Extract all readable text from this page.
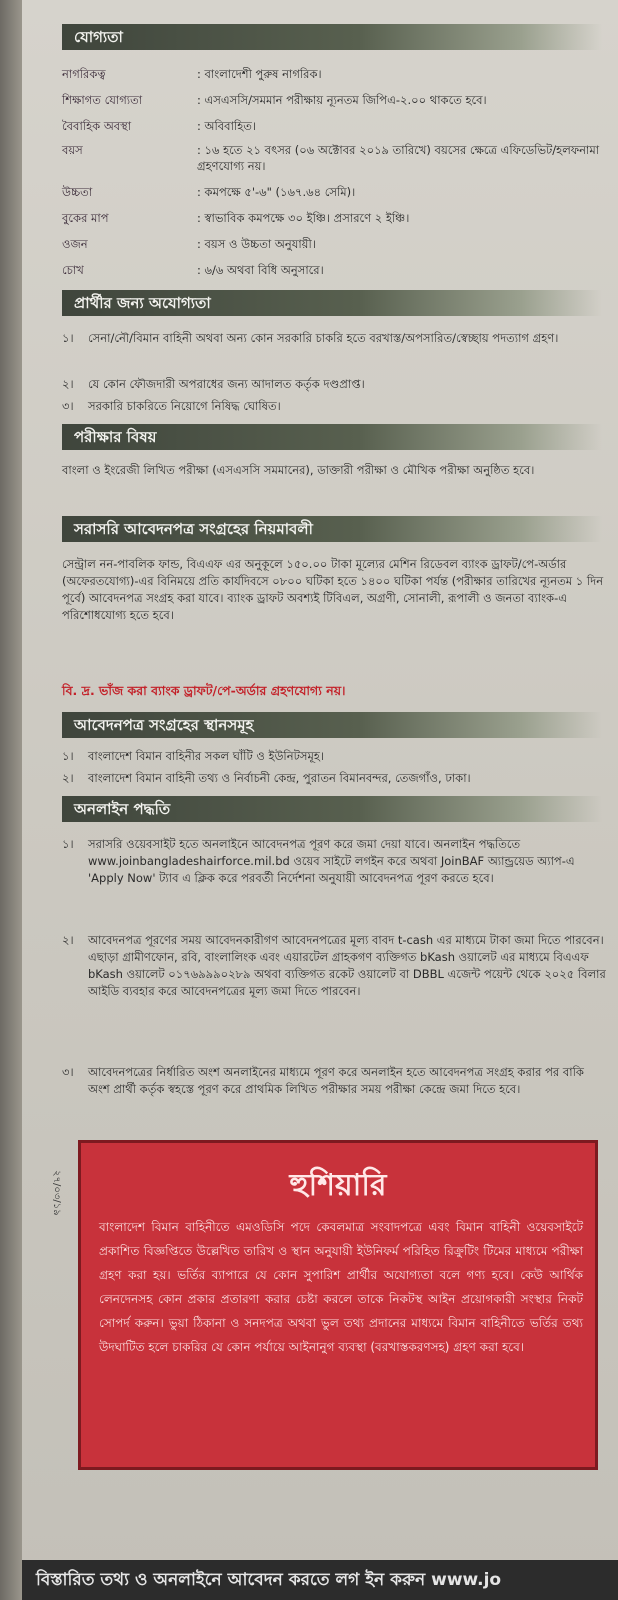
যোগ্যতা
নাগরিকত্ব	: বাংলাদেশী পুরুষ নাগরিক।
শিক্ষাগত যোগ্যতা	: এসএসসি/সমমান পরীক্ষায় ন্যূনতম জিপিএ-২.০০ থাকতে হবে।
বৈবাহিক অবস্থা	: অবিবাহিত।
বয়স	: ১৬ হতে ২১ বৎসর (০৬ অক্টোবর ২০১৯ তারিখে) বয়সের ক্ষেত্রে এফিডেভিট/হলফনামা গ্রহণযোগ্য নয়।
উচ্চতা	: কমপক্ষে ৫'-৬" (১৬৭.৬৪ সেমি)।
বুকের মাপ	: স্বাভাবিক কমপক্ষে ৩০ ইঞ্চি। প্রসারণে ২ ইঞ্চি।
ওজন	: বয়স ও উচ্চতা অনুযায়ী।
চোখ	: ৬/৬ অথবা বিধি অনুসারে।
প্রার্থীর জন্য অযোগ্যতা
১।	সেনা/নৌ/বিমান বাহিনী অথবা অন্য কোন সরকারি চাকরি হতে বরখাস্ত/অপসারিত/স্বেচ্ছায় পদত্যাগ গ্রহণ।
২।	যে কোন ফৌজদারী অপরাধের জন্য আদালত কর্তৃক দণ্ডপ্রাপ্ত।
৩।	সরকারি চাকরিতে নিয়োগে নিষিদ্ধ ঘোষিত।
পরীক্ষার বিষয়
বাংলা ও ইংরেজী লিখিত পরীক্ষা (এসএসসি সমমানের), ডাক্তারী পরীক্ষা ও মৌখিক পরীক্ষা অনুষ্ঠিত হবে।
সরাসরি আবেদনপত্র সংগ্রহের নিয়মাবলী
সেন্ট্রাল নন-পাবলিক ফান্ড, বিএএফ এর অনুকূলে ১৫০.০০ টাকা মূল্যের মেশিন রিডেবল ব্যাংক ড্রাফট/পে-অর্ডার (অফেরতযোগ্য)-এর বিনিময়ে প্রতি কার্যদিবসে ০৮০০ ঘটিকা হতে ১৪০০ ঘটিকা পর্যন্ত (পরীক্ষার তারিখের ন্যূনতম ১ দিন পূর্বে) আবেদনপত্র সংগ্রহ করা যাবে। ব্যাংক ড্রাফট অবশ্যই টিবিএল, অগ্রণী, সোনালী, রূপালী ও জনতা ব্যাংক-এ পরিশোধযোগ্য হতে হবে।
বি. দ্র. ভাঁজ করা ব্যাংক ড্রাফট/পে-অর্ডার গ্রহণযোগ্য নয়।
আবেদনপত্র সংগ্রহের স্থানসমূহ
১।	বাংলাদেশ বিমান বাহিনীর সকল ঘাঁটি ও ইউনিটসমূহ।
২।	বাংলাদেশ বিমান বাহিনী তথ্য ও নির্বাচনী কেন্দ্র, পুরাতন বিমানবন্দর, তেজগাঁও, ঢাকা।
অনলাইন পদ্ধতি
১।	সরাসরি ওয়েবসাইট হতে অনলাইনে আবেদনপত্র পূরণ করে জমা দেয়া যাবে। অনলাইন পদ্ধতিতে www.joinbangladeshairforce.mil.bd ওয়েব সাইটে লগইন করে অথবা JoinBAF অ্যান্ড্রয়েড অ্যাপ-এ 'Apply Now' ট্যাব এ ক্লিক করে পরবর্তী নির্দেশনা অনুযায়ী আবেদনপত্র পূরণ করতে হবে।
২।	আবেদনপত্র পূরণের সময় আবেদনকারীগণ আবেদনপত্রের মূল্য বাবদ t-cash এর মাধ্যমে টাকা জমা দিতে পারবেন। এছাড়া গ্রামীণফোন, রবি, বাংলালিংক এবং এয়ারটেল গ্রাহকগণ ব্যক্তিগত bKash ওয়ালেট এর মাধ্যমে বিএএফ bKash ওয়ালেট ০১৭৬৯৯৯০২৮৯ অথবা ব্যক্তিগত রকেট ওয়ালেট বা DBBL এজেন্ট পয়েন্ট থেকে ২০২৫ বিলার আইডি ব্যবহার করে আবেদনপত্রের মূল্য জমা দিতে পারবেন।
৩।	আবেদনপত্রের নির্ধারিত অংশ অনলাইনের মাধ্যমে পূরণ করে অনলাইন হতে আবেদনপত্র সংগ্রহ করার পর বাকি অংশ প্রার্থী কর্তৃক স্বহস্তে পূরণ করে প্রাথমিক লিখিত পরীক্ষার সময় পরীক্ষা কেন্দ্রে জমা দিতে হবে।
২৭/০৩/১৯	হুশিয়ারি
বাংলাদেশ বিমান বাহিনীতে এমওডিসি পদে কেবলমাত্র সংবাদপত্রে এবং বিমান বাহিনী ওয়েবসাইটে প্রকাশিত বিজ্ঞপ্তিতে উল্লেখিত তারিখ ও স্থান অনুযায়ী ইউনিফর্ম পরিহিত রিক্রুটিং টিমের মাধ্যমে পরীক্ষা গ্রহণ করা হয়। ভর্তির ব্যাপারে যে কোন সুপারিশ প্রার্থীর অযোগ্যতা বলে গণ্য হবে। কেউ আর্থিক লেনদেনসহ কোন প্রকার প্রতারণা করার চেষ্টা করলে তাকে নিকটস্থ আইন প্রয়োগকারী সংস্থার নিকট সোপর্দ করুন। ভুয়া ঠিকানা ও সনদপত্র অথবা ভুল তথ্য প্রদানের মাধ্যমে বিমান বাহিনীতে ভর্তির তথ্য উদঘাটিত হলে চাকরির যে কোন পর্যায়ে আইনানুগ ব্যবস্থা (বরখাস্তকরণসহ) গ্রহণ করা হবে।
বিস্তারিত তথ্য ও অনলাইনে আবেদন করতে লগ ইন করুন www.jo
